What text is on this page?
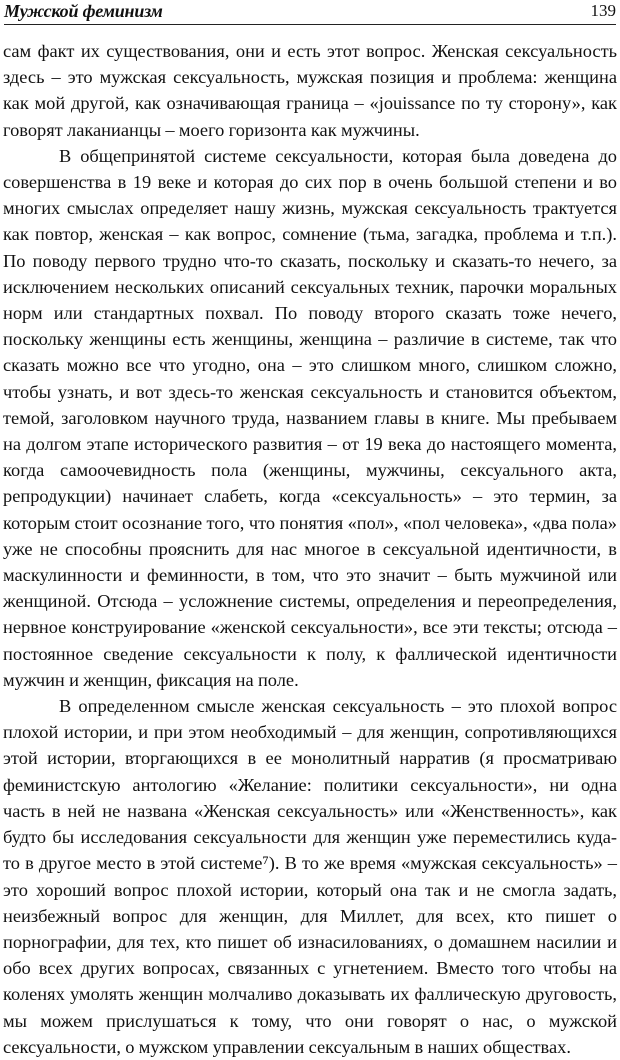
Мужской феминизм	139

сам факт их существования, они и есть этот вопрос. Женская сексуальность здесь – это мужская сексуальность, мужская позиция и проблема: женщина как мой другой, как означивающая граница – «jouissance по ту сторону», как говорят лаканианцы – моего горизонта как мужчины.

В общепринятой системе сексуальности, которая была доведена до совершенства в 19 веке и которая до сих пор в очень большой степени и во многих смыслах определяет нашу жизнь, мужская сексуальность трактуется как повтор, женская – как вопрос, сомнение (тьма, загадка, проблема и т.п.). По поводу первого трудно что-то сказать, поскольку и сказать-то нечего, за исключением нескольких описаний сексуальных техник, парочки моральных норм или стандартных похвал. По поводу второго сказать тоже нечего, поскольку женщины есть женщины, женщина – различие в системе, так что сказать можно все что угодно, она – это слишком много, слишком сложно, чтобы узнать, и вот здесь-то женская сексуальность и становится объектом, темой, заголовком научного труда, названием главы в книге. Мы пребываем на долгом этапе исторического развития – от 19 века до настоящего момента, когда самоочевидность пола (женщины, мужчины, сексуального акта, репродукции) начинает слабеть, когда «сексуальность» – это термин, за которым стоит осознание того, что понятия «пол», «пол человека», «два пола» уже не способны прояснить для нас многое в сексуальной идентичности, в маскулинности и феминности, в том, что это значит – быть мужчиной или женщиной. Отсюда – усложнение системы, определения и переопределения, нервное конструирование «женской сексуальности», все эти тексты; отсюда – постоянное сведение сексуальности к полу, к фаллической идентичности мужчин и женщин, фиксация на поле.

В определенном смысле женская сексуальность – это плохой вопрос плохой истории, и при этом необходимый – для женщин, сопротивляющихся этой истории, вторгающихся в ее монолитный нарратив (я просматриваю феминистскую антологию «Желание: политики сексуальности», ни одна часть в ней не названа «Женская сексуальность» или «Женственность», как будто бы исследования сексуальности для женщин уже переместились куда-то в другое место в этой системе⁷). В то же время «мужская сексуальность» – это хороший вопрос плохой истории, который она так и не смогла задать, неизбежный вопрос для женщин, для Миллет, для всех, кто пишет о порнографии, для тех, кто пишет об изнасилованиях, о домашнем насилии и обо всех других вопросах, связанных с угнетением. Вместо того чтобы на коленях умолять женщин молчаливо доказывать их фаллическую друговость, мы можем прислушаться к тому, что они говорят о нас, о мужской сексуальности, о мужском управлении сексуальным в наших обществах.
